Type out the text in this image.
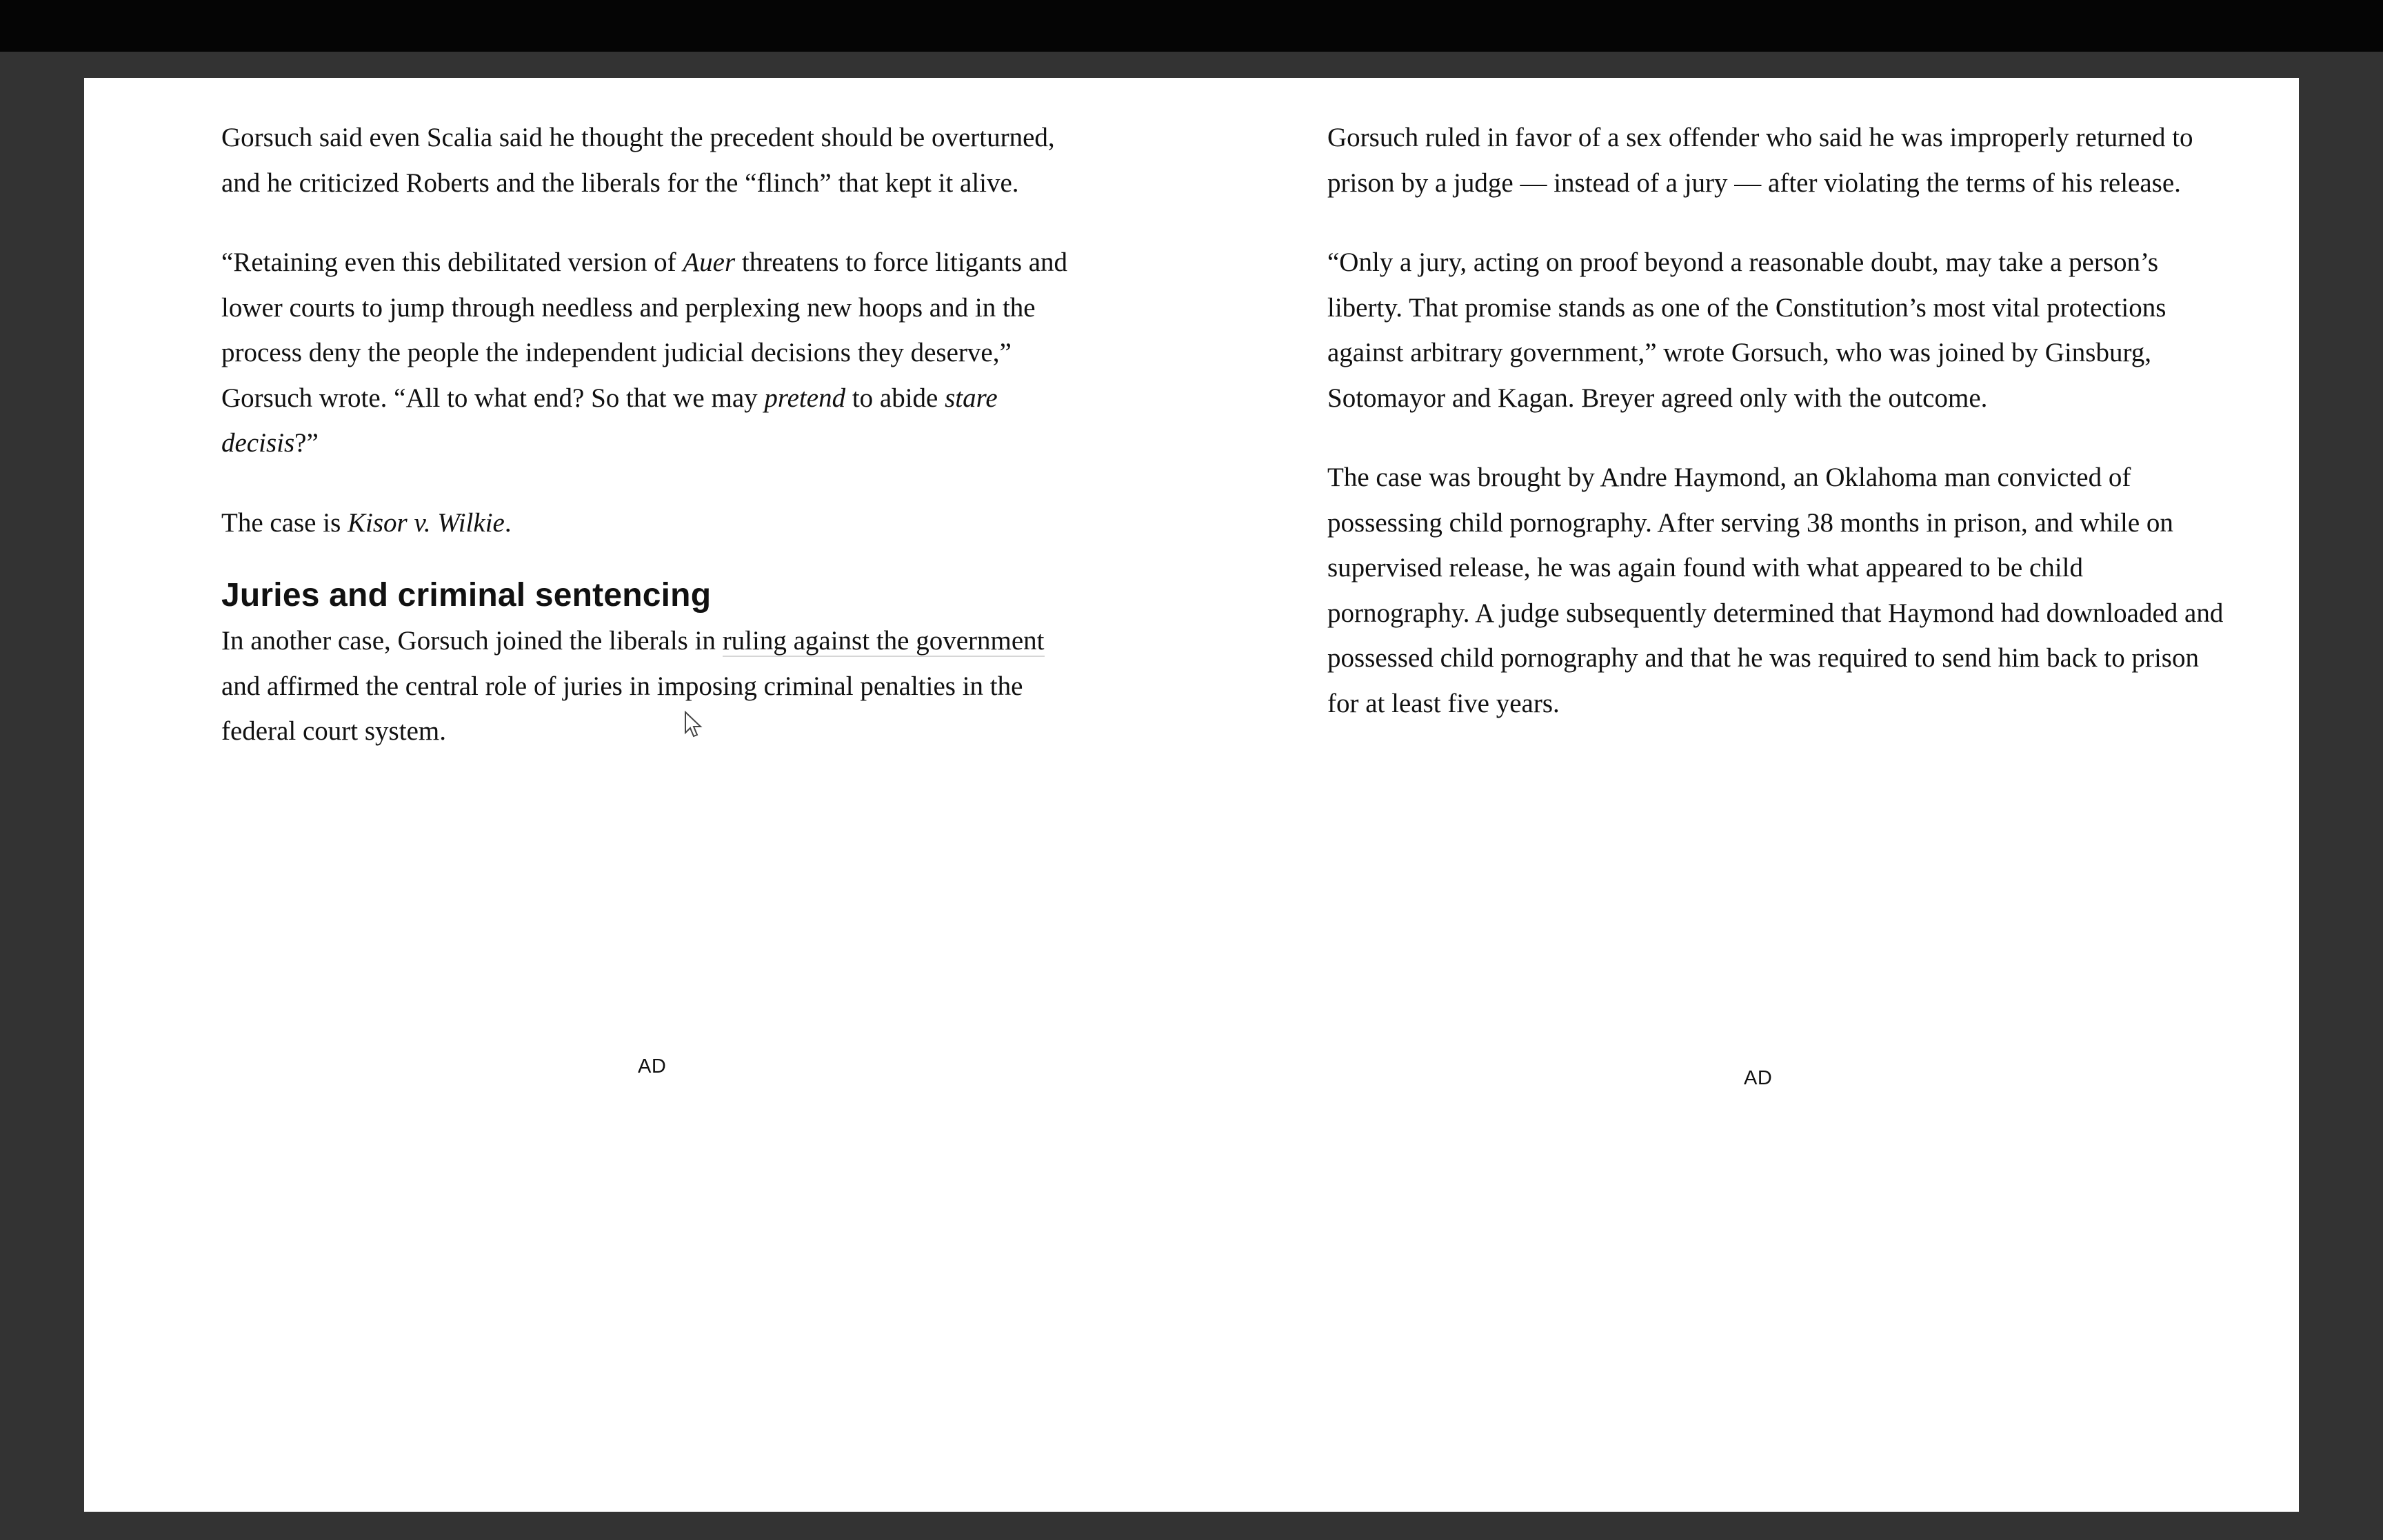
Gorsuch said even Scalia said he thought the precedent should be overturned, and he criticized Roberts and the liberals for the “flinch” that kept it alive.

“Retaining even this debilitated version of Auer threatens to force litigants and lower courts to jump through needless and perplexing new hoops and in the process deny the people the independent judicial decisions they deserve,” Gorsuch wrote. “All to what end? So that we may pretend to abide stare decisis?”

The case is Kisor v. Wilkie.

Juries and criminal sentencing

In another case, Gorsuch joined the liberals in ruling against the government and affirmed the central role of juries in imposing criminal penalties in the federal court system.

Gorsuch ruled in favor of a sex offender who said he was improperly returned to prison by a judge — instead of a jury — after violating the terms of his release.

“Only a jury, acting on proof beyond a reasonable doubt, may take a person’s liberty. That promise stands as one of the Constitution’s most vital protections against arbitrary government,” wrote Gorsuch, who was joined by Ginsburg, Sotomayor and Kagan. Breyer agreed only with the outcome.

The case was brought by Andre Haymond, an Oklahoma man convicted of possessing child pornography. After serving 38 months in prison, and while on supervised release, he was again found with what appeared to be child pornography. A judge subsequently determined that Haymond had downloaded and possessed child pornography and that he was required to send him back to prison for at least five years.

AD
AD
